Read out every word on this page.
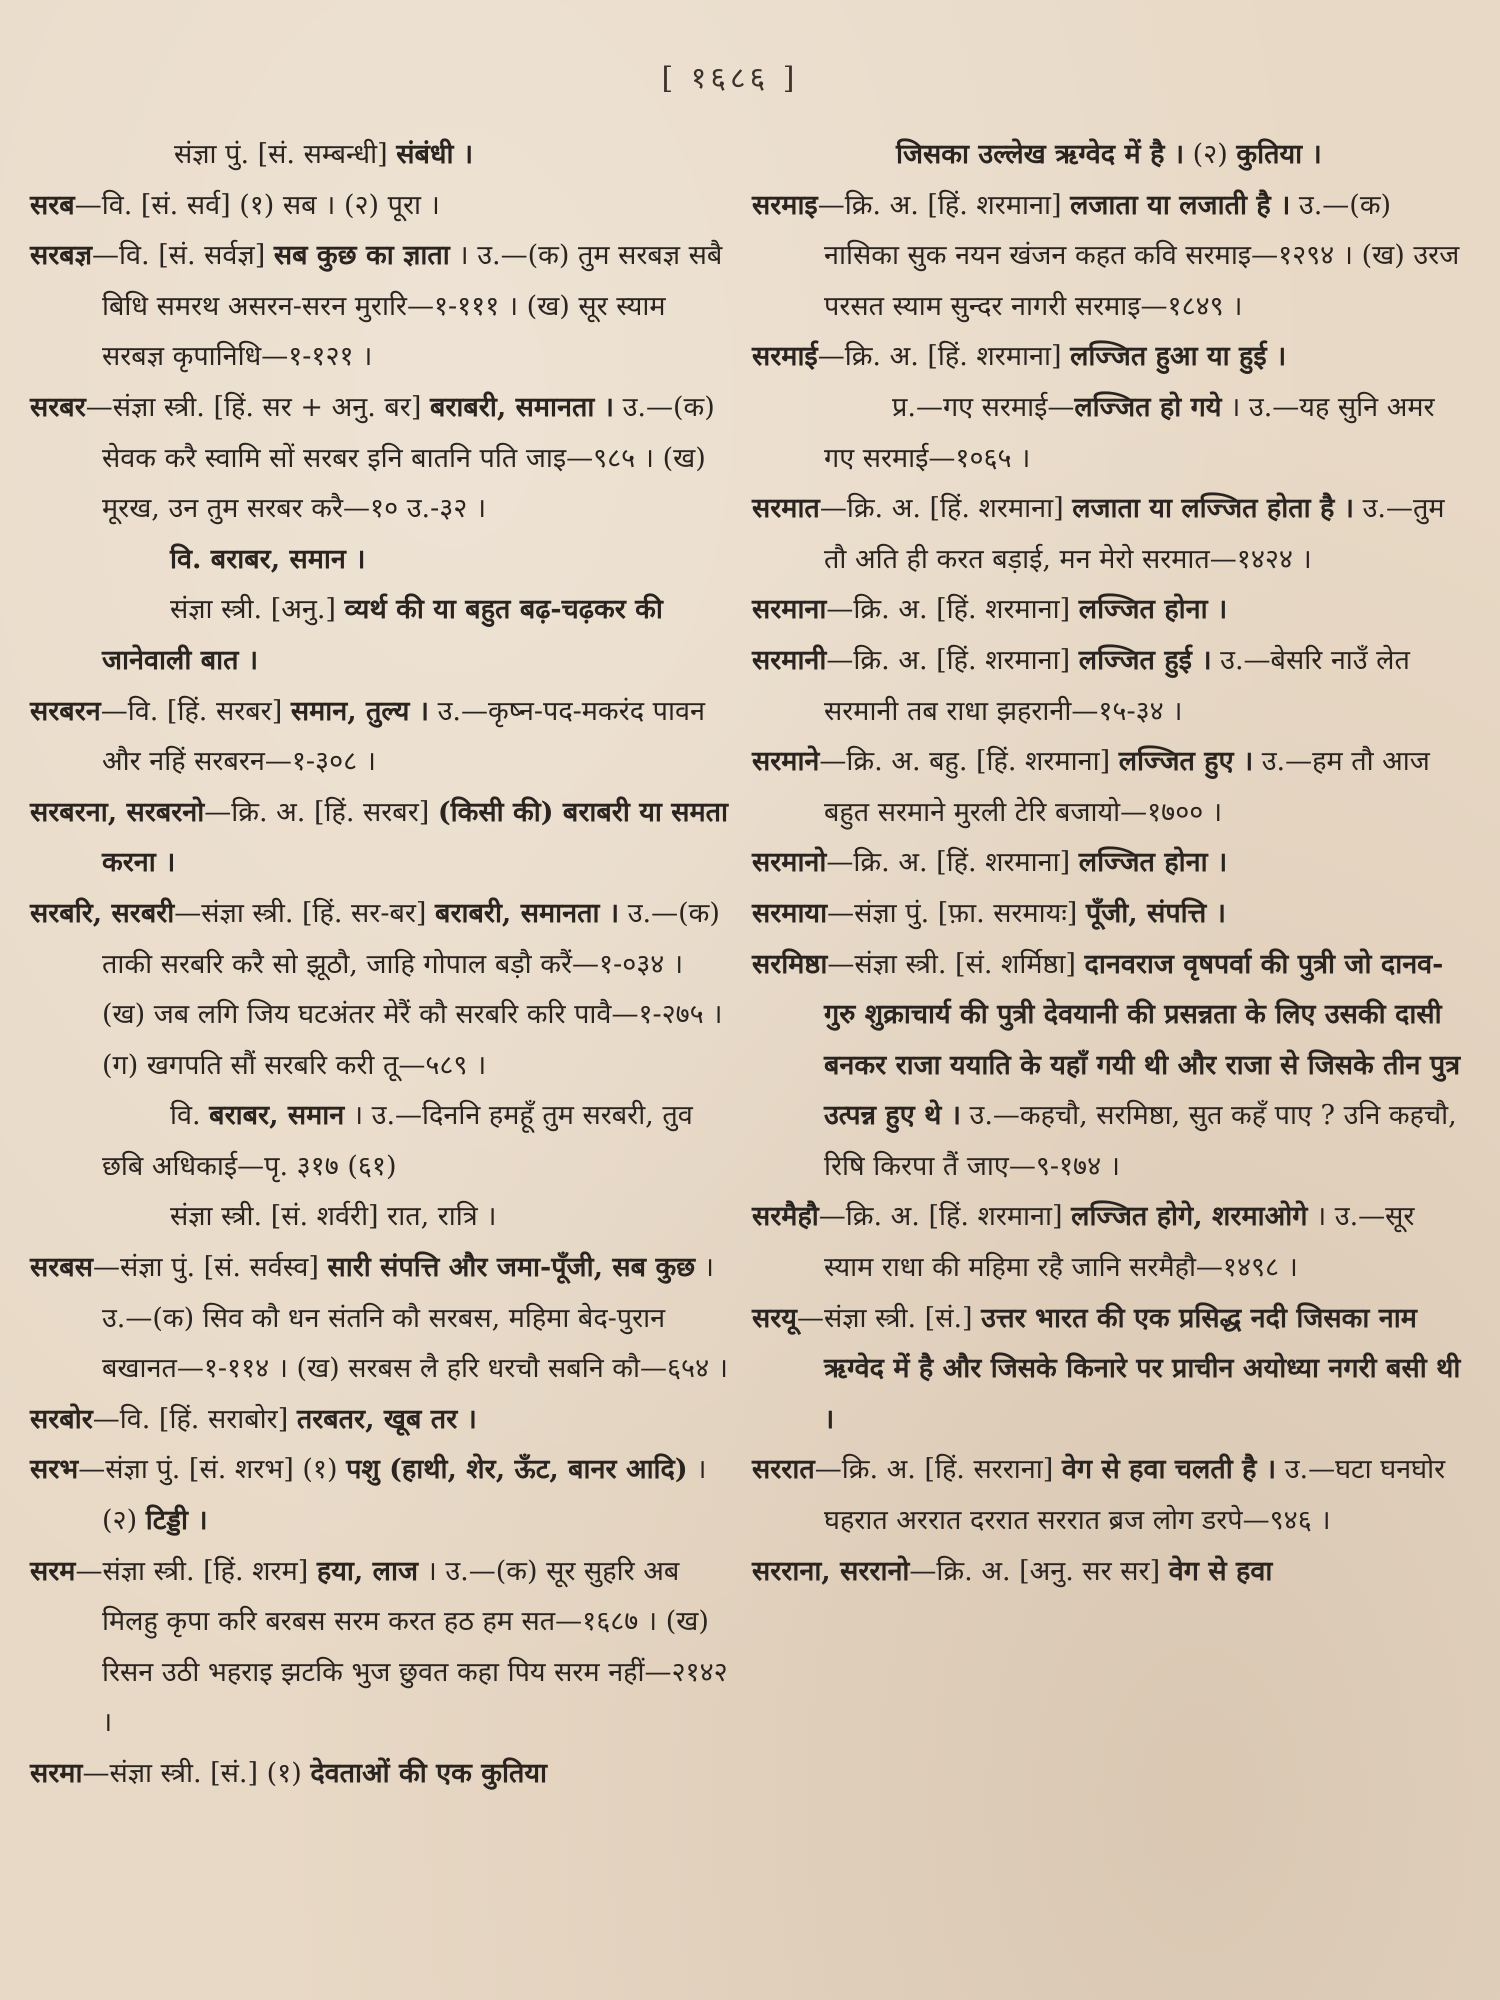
[ १६८६ ]

संज्ञा पुं. [सं. सम्बन्धी] संबंधी ।

सरब—वि. [सं. सर्व] (१) सब । (२) पूरा ।

सरबज्ञ—वि. [सं. सर्वज्ञ] सब कुछ का ज्ञाता । उ.—(क) तुम सरबज्ञ सबै बिधि समरथ असरन-सरन मुरारि—१-१११ । (ख) सूर स्याम सरबज्ञ कृपानिधि—१-१२१ ।

सरबर—संज्ञा स्त्री. [हिं. सर + अनु. बर] बराबरी, समानता । उ.—(क) सेवक करै स्वामि सों सरबर इनि बातनि पति जाइ—९८५ । (ख) मूरख, उन तुम सरबर करै—१० उ.-३२ ।

वि. बराबर, समान ।

संज्ञा स्त्री. [अनु.] व्यर्थ की या बहुत बढ़-चढ़कर की जानेवाली बात ।

सरबरन—वि. [हिं. सरबर] समान, तुल्य । उ.—कृष्न-पद-मकरंद पावन और नहिं सरबरन—१-३०८ ।

सरबरना, सरबरनो—क्रि. अ. [हिं. सरबर] (किसी की) बराबरी या समता करना ।

सरबरि, सरबरी—संज्ञा स्त्री. [हिं. सर-बर] बराबरी, समानता । उ.—(क) ताकी सरबरि करै सो झूठौ, जाहि गोपाल बड़ौ करैं—१-०३४ । (ख) जब लगि जिय घटअंतर मेरैं कौ सरबरि करि पावै—१-२७५ । (ग) खगपति सौं सरबरि करी तू—५८९ ।

वि. बराबर, समान । उ.—दिननि हमहूँ तुम सरबरी, तुव छबि अधिकाई—पृ. ३१७ (६१)

संज्ञा स्त्री. [सं. शर्वरी] रात, रात्रि ।

सरबस—संज्ञा पुं. [सं. सर्वस्व] सारी संपत्ति और जमा-पूँजी, सब कुछ । उ.—(क) सिव कौ धन संतनि कौ सरबस, महिमा बेद-पुरान बखानत—१-११४ । (ख) सरबस लै हरि धरचौ सबनि कौ—६५४ ।

सरबोर—वि. [हिं. सराबोर] तरबतर, खूब तर ।

सरभ—संज्ञा पुं. [सं. शरभ] (१) पशु (हाथी, शेर, ऊँट, बानर आदि) । (२) टिड्डी ।

सरम—संज्ञा स्त्री. [हिं. शरम] हया, लाज । उ.—(क) सूर सुहरि अब मिलहु कृपा करि बरबस सरम करत हठ हम सत—१६८७ । (ख) रिसन उठी भहराइ झटकि भुज छुवत कहा पिय सरम नहीं—२१४२ ।

सरमा—संज्ञा स्त्री. [सं.] (१) देवताओं की एक कुतिया

जिसका उल्लेख ऋग्वेद में है । (२) कुतिया ।

सरमाइ—क्रि. अ. [हिं. शरमाना] लजाता या लजाती है । उ.—(क) नासिका सुक नयन खंजन कहत कवि सरमाइ—१२९४ । (ख) उरज परसत स्याम सुन्दर नागरी सरमाइ—१८४९ ।

सरमाई—क्रि. अ. [हिं. शरमाना] लज्जित हुआ या हुई ।

प्र.—गए सरमाई—लज्जित हो गये । उ.—यह सुनि अमर गए सरमाई—१०६५ ।

सरमात—क्रि. अ. [हिं. शरमाना] लजाता या लज्जित होता है । उ.—तुम तौ अति ही करत बड़ाई, मन मेरो सरमात—१४२४ ।

सरमाना—क्रि. अ. [हिं. शरमाना] लज्जित होना ।

सरमानी—क्रि. अ. [हिं. शरमाना] लज्जित हुई । उ.—बेसरि नाउँ लेत सरमानी तब राधा झहरानी—१५-३४ ।

सरमाने—क्रि. अ. बहु. [हिं. शरमाना] लज्जित हुए । उ.—हम तौ आज बहुत सरमाने मुरली टेरि बजायो—१७०० ।

सरमानो—क्रि. अ. [हिं. शरमाना] लज्जित होना ।

सरमाया—संज्ञा पुं. [फ़ा. सरमायः] पूँजी, संपत्ति ।

सरमिष्ठा—संज्ञा स्त्री. [सं. शर्मिष्ठा] दानवराज वृषपर्वा की पुत्री जो दानव-गुरु शुक्राचार्य की पुत्री देवयानी की प्रसन्नता के लिए उसकी दासी बनकर राजा ययाति के यहाँ गयी थी और राजा से जिसके तीन पुत्र उत्पन्न हुए थे । उ.—कहचौ, सरमिष्ठा, सुत कहँ पाए ? उनि कहचौ, रिषि किरपा तैं जाए—९-१७४ ।

सरमैहौ—क्रि. अ. [हिं. शरमाना] लज्जित होगे, शरमाओगे । उ.—सूर स्याम राधा की महिमा रहै जानि सरमैहौ—१४९८ ।

सरयू—संज्ञा स्त्री. [सं.] उत्तर भारत की एक प्रसिद्ध नदी जिसका नाम ऋग्वेद में है और जिसके किनारे पर प्राचीन अयोध्या नगरी बसी थी ।

सररात—क्रि. अ. [हिं. सरराना] वेग से हवा चलती है । उ.—घटा घनघोर घहरात अररात दररात सररात ब्रज लोग डरपे—९४६ ।

सरराना, सररानो—क्रि. अ. [अनु. सर सर] वेग से हवा
